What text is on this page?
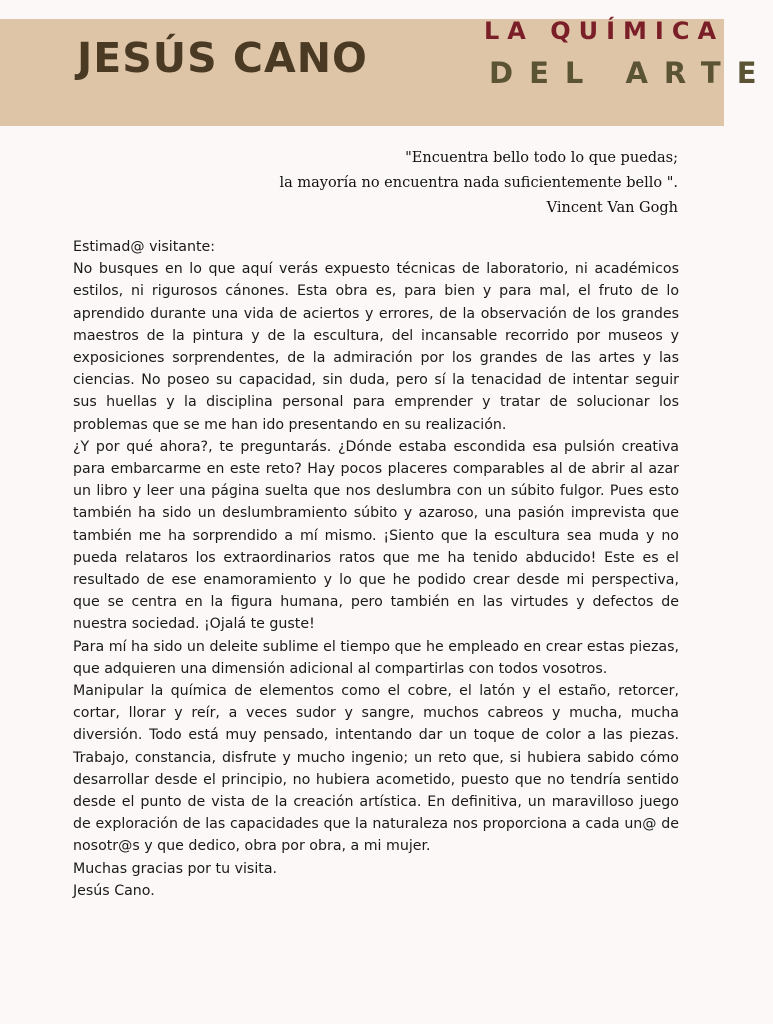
JESÚS CANO
LA QUÍMICA
DEL ARTE
"Encuentra bello todo lo que puedas;
la mayoría no encuentra nada suficientemente bello ".
Vincent Van Gogh

Estimad@ visitante:

No busques en lo que aquí verás expuesto técnicas de laboratorio, ni académicos estilos, ni rigurosos cánones. Esta obra es, para bien y para mal, el fruto de lo aprendido durante una vida de aciertos y errores, de la observación de los grandes maestros de la pintura y de la escultura, del incansable recorrido por museos y exposiciones sorprendentes, de la admiración por los grandes de las artes y las ciencias. No poseo su capacidad, sin duda, pero sí la tenacidad de intentar seguir sus huellas y la disciplina personal para emprender y tratar de solucionar los problemas que se me han ido presentando en su realización.

¿Y por qué ahora?, te preguntarás. ¿Dónde estaba escondida esa pulsión creativa para embarcarme en este reto? Hay pocos placeres comparables al de abrir al azar un libro y leer una página suelta que nos deslumbra con un súbito fulgor. Pues esto también ha sido un deslumbramiento súbito y azaroso, una pasión imprevista que también me ha sorprendido a mí mismo. ¡Siento que la escultura sea muda y no pueda relataros los extraordinarios ratos que me ha tenido abducido! Este es el resultado de ese enamoramiento y lo que he podido crear desde mi perspectiva, que se centra en la figura humana, pero también en las virtudes y defectos de nuestra sociedad. ¡Ojalá te guste!

Para mí ha sido un deleite sublime el tiempo que he empleado en crear estas piezas, que adquieren una dimensión adicional al compartirlas con todos vosotros.

Manipular la química de elementos como el cobre, el latón y el estaño, retorcer, cortar, llorar y reír, a veces sudor y sangre, muchos cabreos y mucha, mucha diversión. Todo está muy pensado, intentando dar un toque de color a las piezas. Trabajo, constancia, disfrute y mucho ingenio; un reto que, si hubiera sabido cómo desarrollar desde el principio, no hubiera acometido, puesto que no tendría sentido desde el punto de vista de la creación artística. En definitiva, un maravilloso juego de exploración de las capacidades que la naturaleza nos proporciona a cada un@ de nosotr@s y que dedico, obra por obra, a mi mujer.

Muchas gracias por tu visita.

Jesús Cano.
